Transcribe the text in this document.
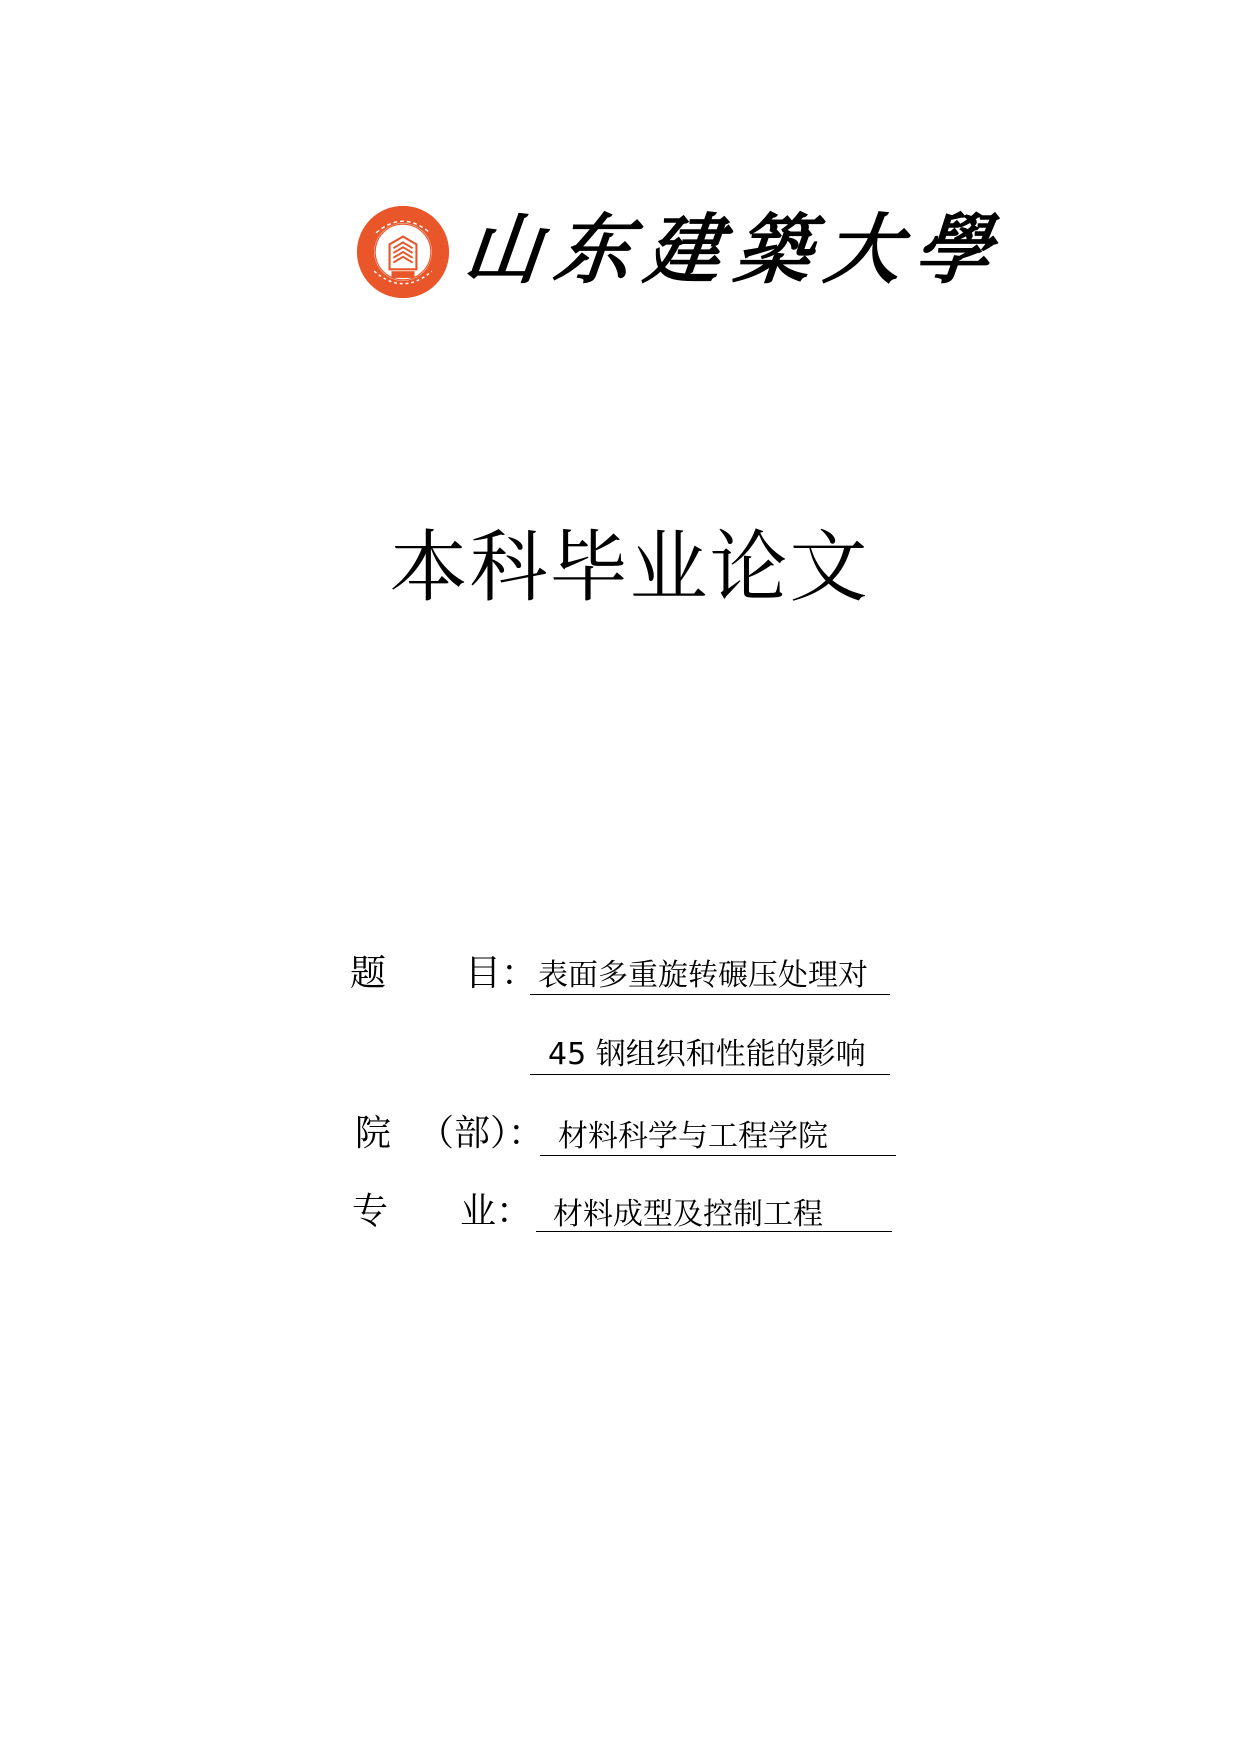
山东建築大學
本科毕业论文
题 目： 表面多重旋转碾压处理对
45 钢组织和性能的影响
院 （部）： 材料科学与工程学院
专 业： 材料成型及控制工程
